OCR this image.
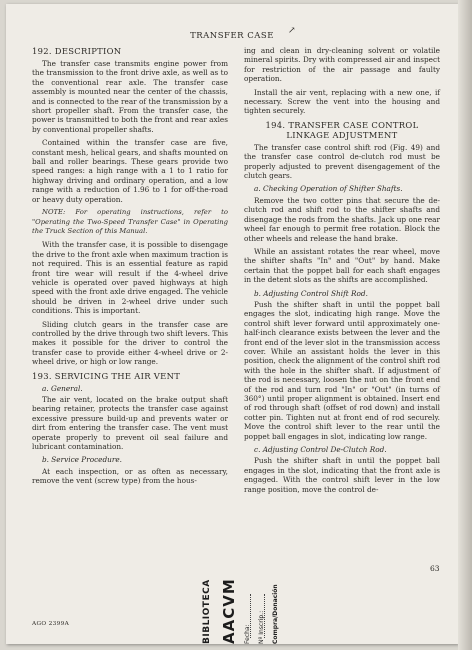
TRANSFER CASE	↗
192. DESCRIPTION

The transfer case transmits engine power from the transmission to the front drive axle, as well as to the conventional rear axle. The transfer case assembly is mounted near the center of the chassis, and is connected to the rear of the transmission by a short propeller shaft. From the transfer case, the power is transmitted to both the front and rear axles by conventional propeller shafts.

Contained within the transfer case are five, constant mesh, helical gears, and shafts mounted on ball and roller bearings. These gears provide two speed ranges: a high range with a 1 to 1 ratio for highway driving and ordinary operation, and a low range with a reduction of 1.96 to 1 for off-the-road or heavy duty operation.

NOTE: For operating instructions, refer to "Operating the Two-Speed Transfer Case" in Operating the Truck Section of this Manual.

With the transfer case, it is possible to disengage the drive to the front axle when maximum traction is not required. This is an essential feature as rapid front tire wear will result if the 4-wheel drive vehicle is operated over paved highways at high speed with the front axle drive engaged. The vehicle should be driven in 2-wheel drive under such conditions. This is important.

Sliding clutch gears in the transfer case are controlled by the drive through two shift levers. This makes it possible for the driver to control the transfer case to provide either 4-wheel drive or 2-wheel drive, or high or low range.

193. SERVICING THE AIR VENT

a. General.

The air vent, located on the brake output shaft bearing retainer, protects the transfer case against excessive pressure build-up and prevents water or dirt from entering the transfer case. The vent must operate properly to prevent oil seal failure and lubricant contamination.

b. Service Procedure.

At each inspection, or as often as necessary, remove the vent (screw type) from the hous-

ing and clean in dry-cleaning solvent or volatile mineral spirits. Dry with compressed air and inspect for restriction of the air passage and faulty operation.

Install the air vent, replacing with a new one, if necessary. Screw the vent into the housing and tighten securely.

194. TRANSFER CASE CONTROL LINKAGE ADJUSTMENT

The transfer case control shift rod (Fig. 49) and the transfer case control de-clutch rod must be properly adjusted to prevent disengagement of the clutch gears.

a. Checking Operation of Shifter Shafts.

Remove the two cotter pins that secure the de-clutch rod and shift rod to the shifter shafts and disengage the rods from the shafts. Jack up one rear wheel far enough to permit free rotation. Block the other wheels and release the hand brake.

While an assistant rotates the rear wheel, move the shifter shafts "In" and "Out" by hand. Make certain that the poppet ball for each shaft engages in the detent slots as the shifts are accomplished.

b. Adjusting Control Shift Rod.

Push the shifter shaft in until the poppet ball engages the slot, indicating high range. Move the control shift lever forward until approximately one-half-inch clearance exists between the lever and the front end of the lever slot in the transmission access cover. While an assistant holds the lever in this position, check the alignment of the control shift rod with the hole in the shifter shaft. If adjustment of the rod is necessary, loosen the nut on the front end of the rod and turn rod "In" or "Out" (in turns of 360°) until proper alignment is obtained. Insert end of rod through shaft (offset of rod down) and install cotter pin. Tighten nut at front end of rod securely. Move the control shift lever to the rear until the poppet ball engages in slot, indicating low range.

c. Adjusting Control De-Clutch Rod.

Push the shifter shaft in until the poppet ball engages in the slot, indicating that the front axle is engaged. With the control shift lever in the low range position, move the control de-

AGO 2399A
63
BIBLIOTECA AACVM Fecha:	Nº Inscrip.:	Compra/Donación
